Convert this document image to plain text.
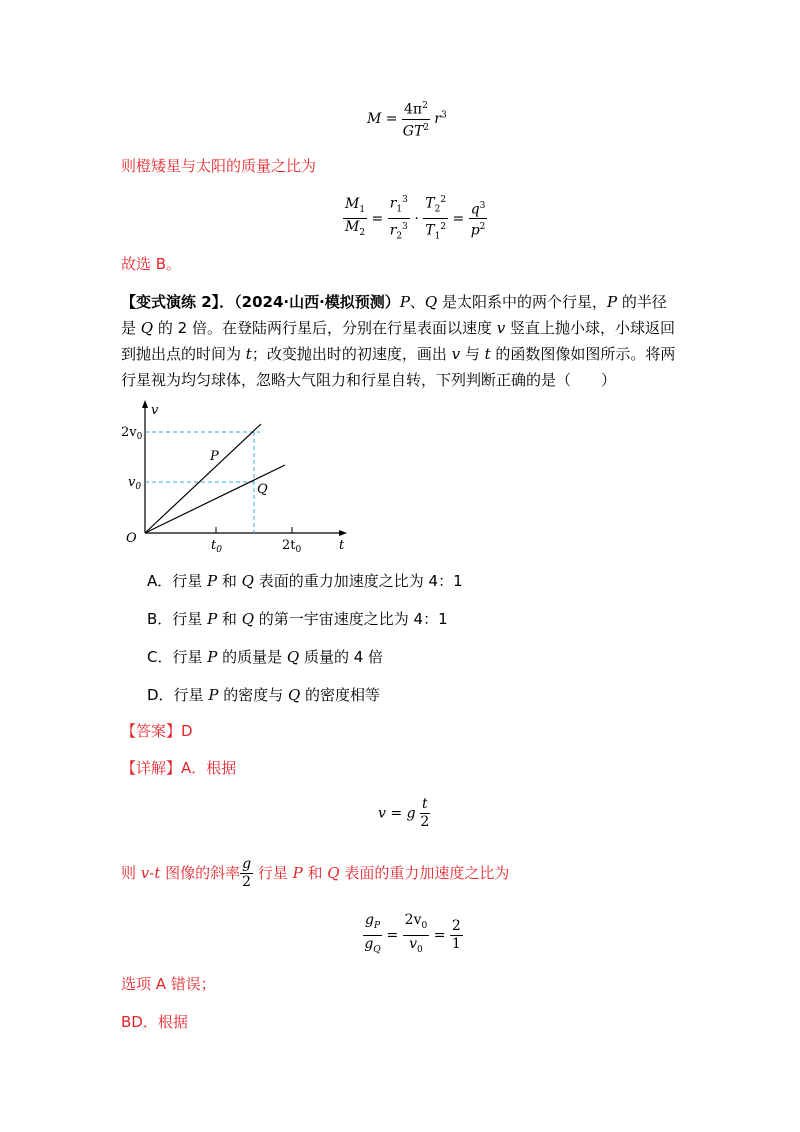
$M = \frac{4\pi^2}{GT^2} r^3$
则橙矮星与太阳的质量之比为
$\frac{M_1}{M_2} = \frac{r_1^3}{r_2^3} \cdot \frac{T_2^2}{T_1^2} = \frac{q^3}{p^2}$
故选 B。
【变式演练 2】．（2024·山西·模拟预测）P、Q 是太阳系中的两个行星，P 的半径是 Q 的 2 倍。在登陆两行星后，分别在行星表面以速度 v 竖直上抛小球，小球返回到抛出点的时间为 t；改变抛出时的初速度，画出 v 与 t 的函数图像如图所示。将两行星视为均匀球体，忽略大气阻力和行星自转，下列判断正确的是（　　）
v
t
O
$2v_0$
$v_0$
$t_0$	$2t_0$
P
Q
A．行星 P 和 Q 表面的重力加速度之比为 4：1
B．行星 P 和 Q 的第一宇宙速度之比为 4：1
C．行星 P 的质量是 Q 质量的 4 倍
D．行星 P 的密度与 Q 的密度相等
【答案】D
【详解】A．根据
v = g $\frac{t}{2}$
则 v-t 图像的斜率 $\frac{g}{2}$ 行星 P 和 Q 表面的重力加速度之比为
$\frac{g_P}{g_Q} = \frac{2v_0}{v_0} = \frac{2}{1}$
选项 A 错误；
BD．根据
